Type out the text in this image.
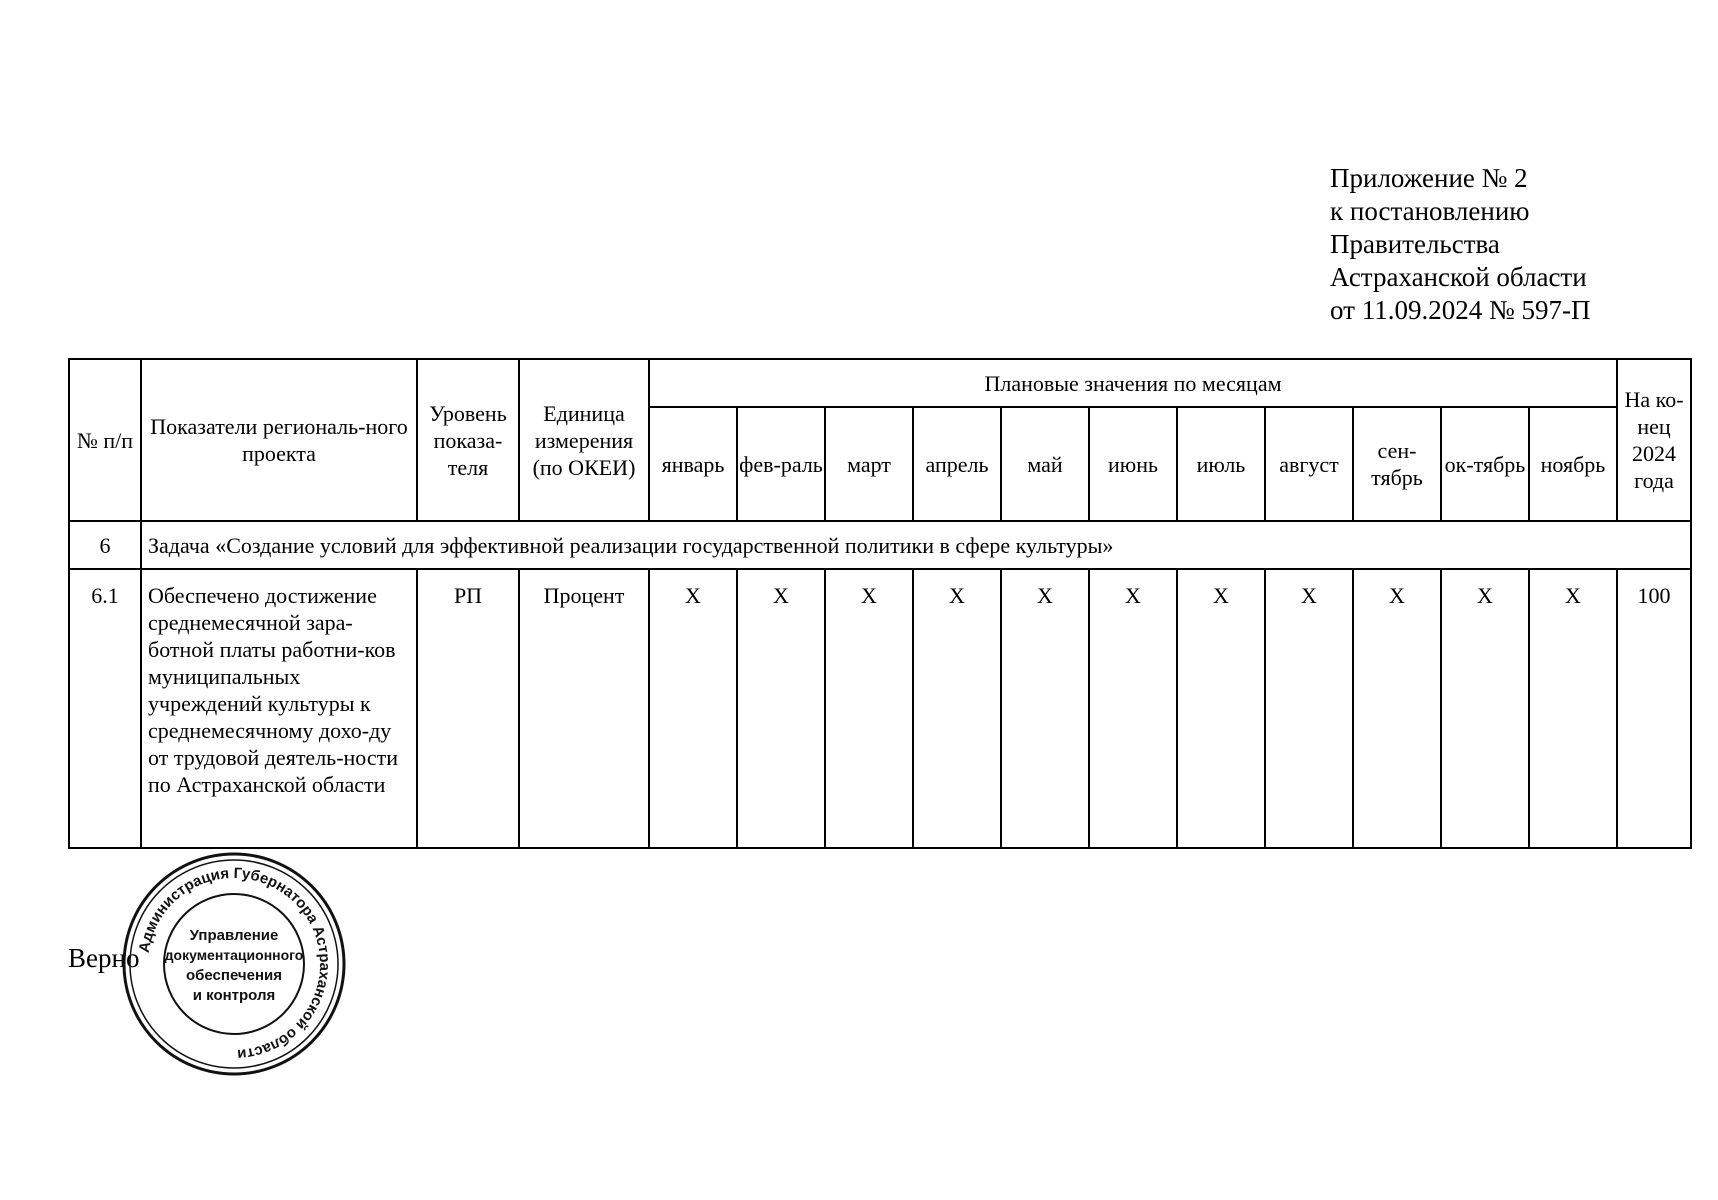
Приложение № 2
к постановлению
Правительства
Астраханской области
от 11.09.2024 № 597-П
№ п/п	Показатели региональ-ного проекта	Уровень показа-теля	Единица измерения (по ОКЕИ)	Плановые значения по месяцам											На ко-нец 2024 года
				январь	фев-раль	март	апрель	май	июнь	июль	август	сен-тябрь	ок-тябрь	ноябрь	
6	Задача «Создание условий для эффективной реализации государственной политики в сфере культуры»														
6.1	Обеспечено достижение среднемесячной зара-ботной платы работни-ков муниципальных учреждений культуры к среднемесячному дохо-ду от трудовой деятель-ности по Астраханской области	РП	Процент	X	X	X	X	X	X	X	X	X	X	X	100
Верно
Администрация Губернатора Астраханской области
Управление
документационного
обеспечения
и контроля
